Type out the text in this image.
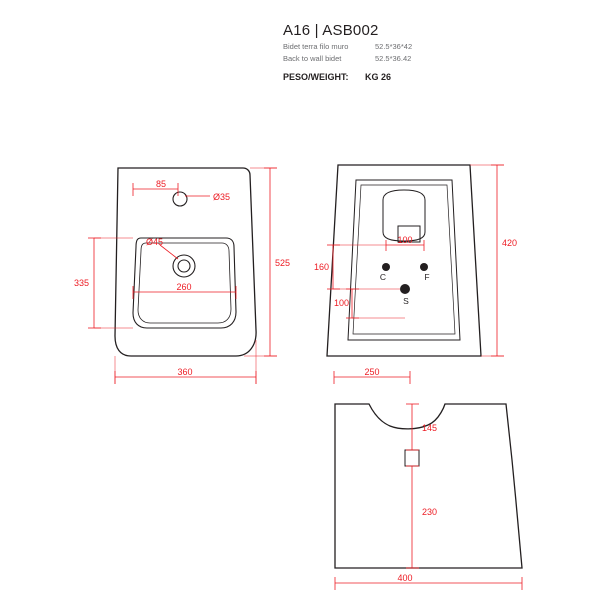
A16 | ASB002
Bidet terra filo muro	52.5*36*42
Back to wall bidet	52.5*36.42
PESO/WEIGHT: KG 26
85
Ø35
Ø45
260
335
525
360
C	F
S
100
160
100
420
250
145
230
400
